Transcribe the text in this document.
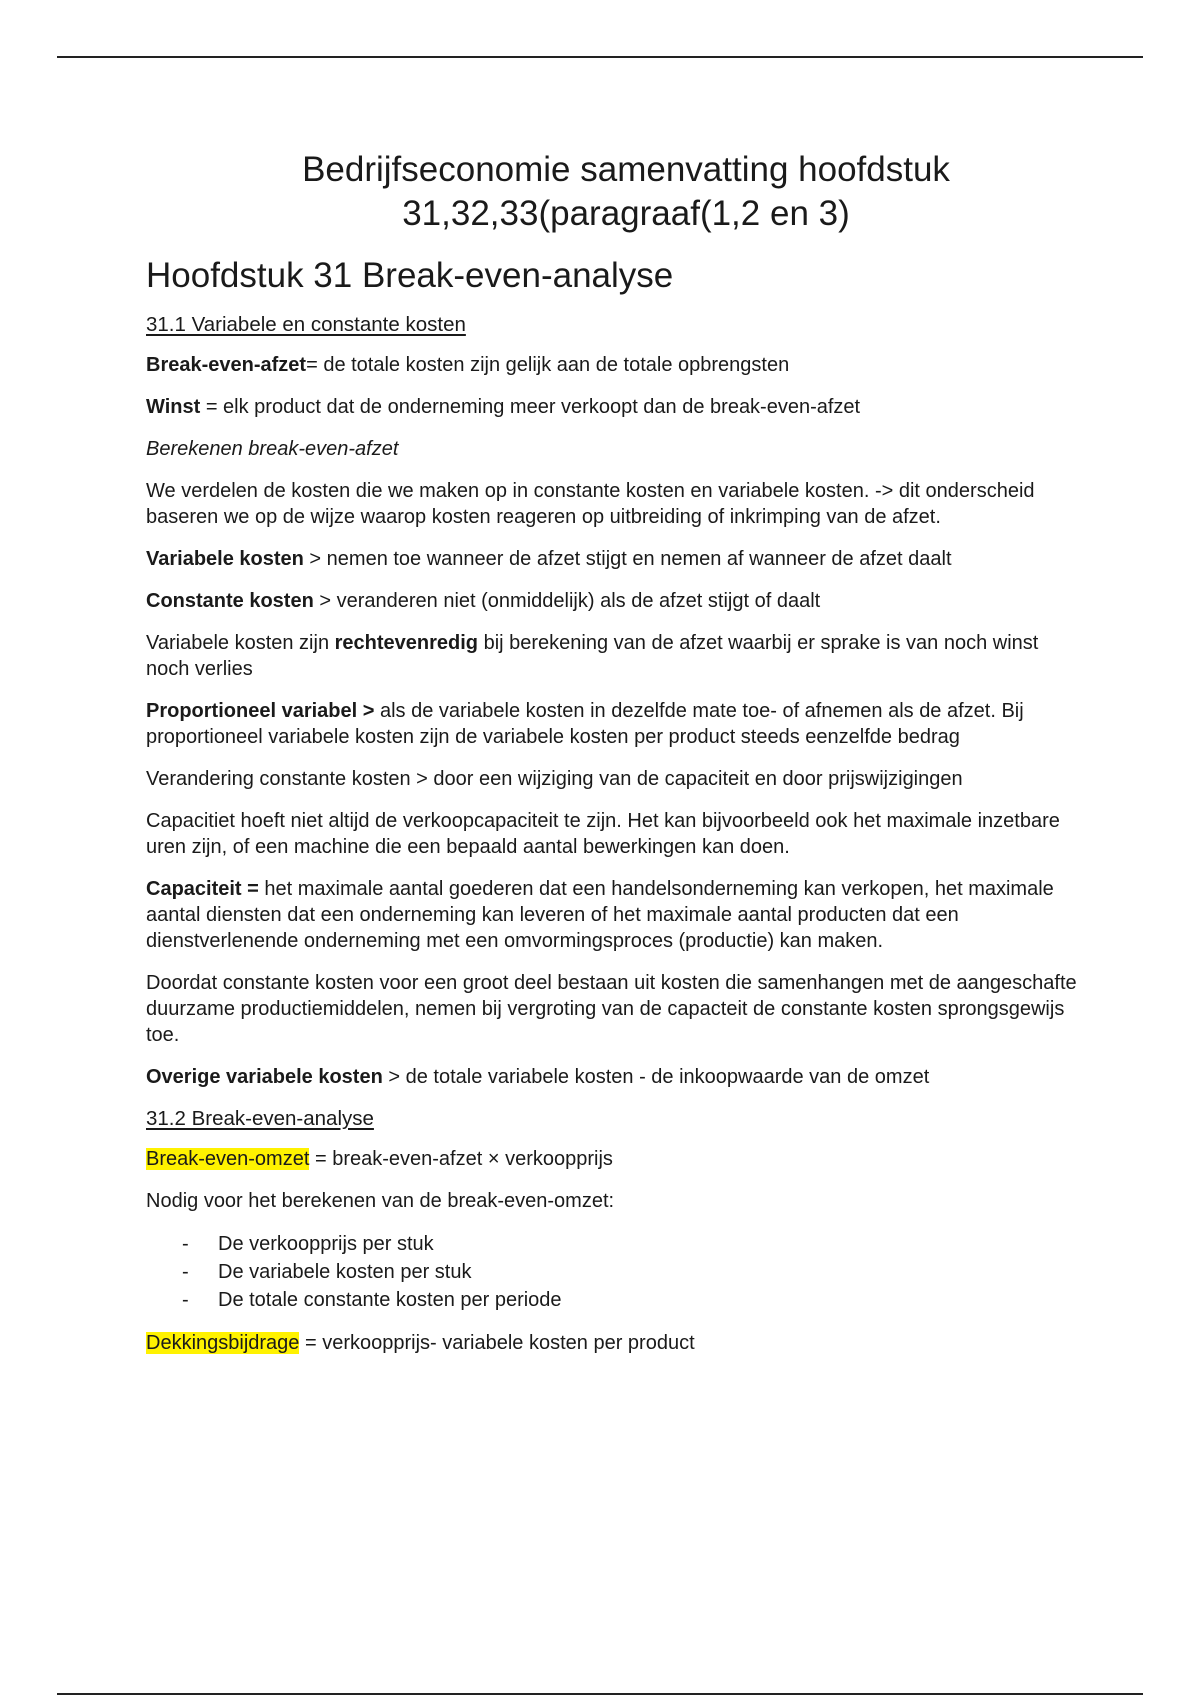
Bedrijfseconomie samenvatting hoofdstuk
31,32,33(paragraaf(1,2 en 3)
Hoofdstuk 31 Break-even-analyse
31.1 Variabele en constante kosten

Break-even-afzet= de totale kosten zijn gelijk aan de totale opbrengsten

Winst = elk product dat de onderneming meer verkoopt dan de break-even-afzet

Berekenen break-even-afzet

We verdelen de kosten die we maken op in constante kosten en variabele kosten. -> dit onderscheid baseren we op de wijze waarop kosten reageren op uitbreiding of inkrimping van de afzet.

Variabele kosten > nemen toe wanneer de afzet stijgt en nemen af wanneer de afzet daalt

Constante kosten > veranderen niet (onmiddelijk) als de afzet stijgt of daalt

Variabele kosten zijn rechtevenredig bij berekening van de afzet waarbij er sprake is van noch winst noch verlies

Proportioneel variabel > als de variabele kosten in dezelfde mate toe- of afnemen als de afzet. Bij proportioneel variabele kosten zijn de variabele kosten per product steeds eenzelfde bedrag

Verandering constante kosten > door een wijziging van de capaciteit en door prijswijzigingen

Capacitiet hoeft niet altijd de verkoopcapaciteit te zijn. Het kan bijvoorbeeld ook het maximale inzetbare uren zijn, of een machine die een bepaald aantal bewerkingen kan doen.

Capaciteit = het maximale aantal goederen dat een handelsonderneming kan verkopen, het maximale aantal diensten dat een onderneming kan leveren of het maximale aantal producten dat een dienstverlenende onderneming met een omvormingsproces (productie) kan maken.

Doordat constante kosten voor een groot deel bestaan uit kosten die samenhangen met de aangeschafte duurzame productiemiddelen, nemen bij vergroting van de capacteit de constante kosten sprongsgewijs toe.

Overige variabele kosten > de totale variabele kosten - de inkoopwaarde van de omzet

31.2 Break-even-analyse

Break-even-omzet = break-even-afzet × verkoopprijs

Nodig voor het berekenen van de break-even-omzet:

- De verkoopprijs per stuk
- De variabele kosten per stuk
- De totale constante kosten per periode

Dekkingsbijdrage = verkoopprijs- variabele kosten per product
